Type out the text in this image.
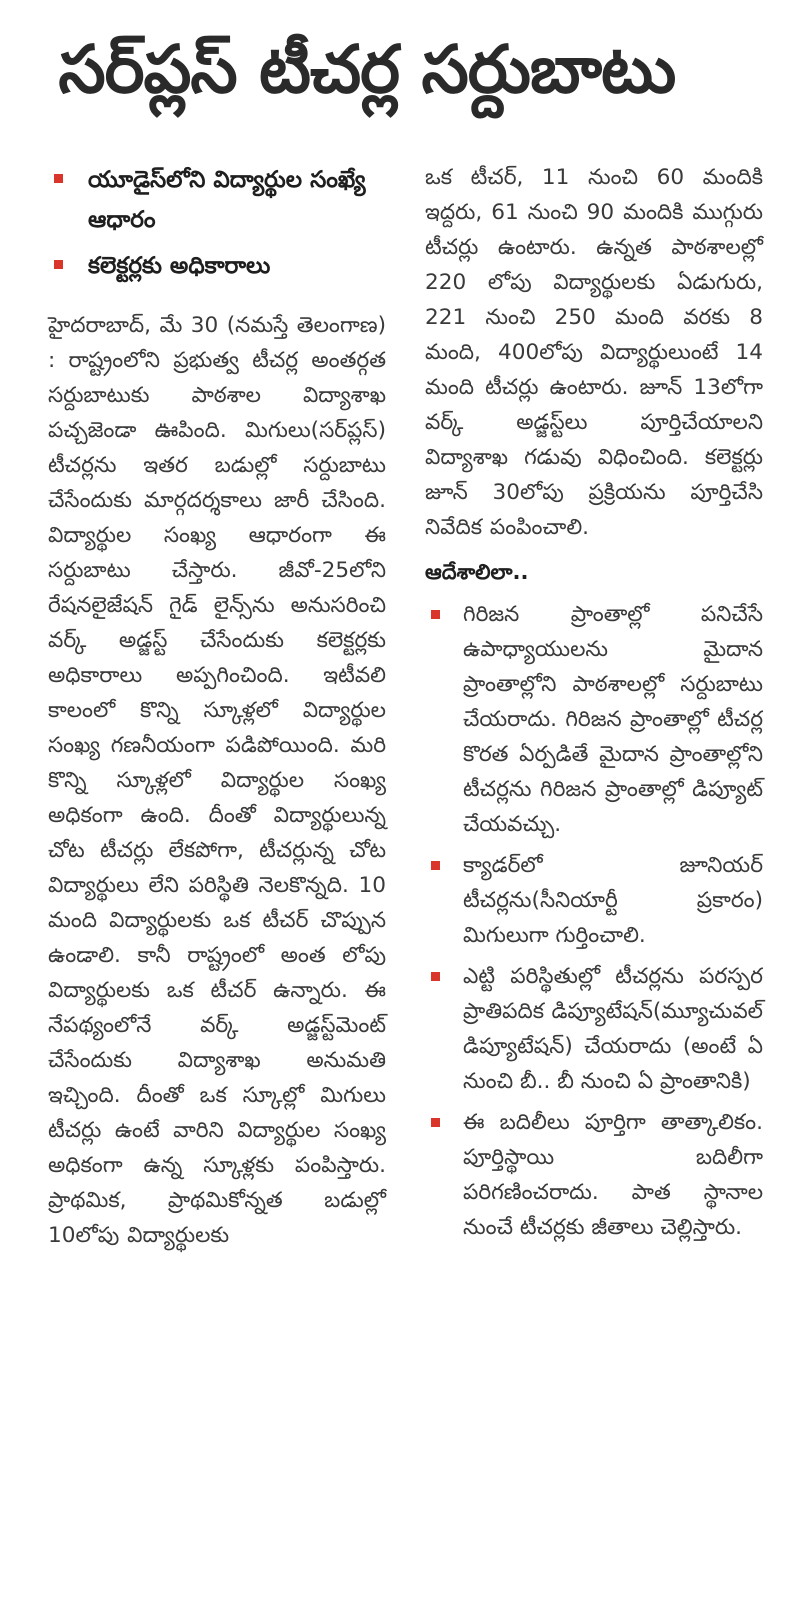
సర్‌ప్లస్ టీచర్ల సర్దుబాటు
యూడైస్‌లోని విద్యార్థుల సంఖ్యే ఆధారం
కలెక్టర్లకు అధికారాలు

హైదరాబాద్, మే 30 (నమస్తే తెలంగాణ) : రాష్ట్రంలోని ప్రభుత్వ టీచర్ల అంతర్గత సర్దుబాటుకు పాఠశాల విద్యాశాఖ పచ్చజెండా ఊపింది. మిగులు(సర్‌ప్లస్) టీచర్లను ఇతర బడుల్లో సర్దుబాటు చేసేందుకు మార్గదర్శకాలు జారీ చేసింది. విద్యార్థుల సంఖ్య ఆధారంగా ఈ సర్దుబాటు చేస్తారు. జీవో-25లోని రేషనలైజేషన్ గైడ్ లైన్స్‌ను అనుసరించి వర్క్ అడ్జస్ట్ చేసేందుకు కలెక్టర్లకు అధికారాలు అప్పగించింది. ఇటీవలి కాలంలో కొన్ని స్కూళ్లలో విద్యార్థుల సంఖ్య గణనీయంగా పడిపోయింది. మరి కొన్ని స్కూళ్లలో విద్యార్థుల సంఖ్య అధికంగా ఉంది. దీంతో విద్యార్థులున్న చోట టీచర్లు లేకపోగా, టీచర్లున్న చోట విద్యార్థులు లేని పరిస్థితి నెలకొన్నది. 10 మంది విద్యార్థులకు ఒక టీచర్ చొప్పున ఉండాలి. కానీ రాష్ట్రంలో అంత లోపు విద్యార్థులకు ఒక టీచర్ ఉన్నారు. ఈ నేపథ్యంలోనే వర్క్ అడ్జస్ట్‌మెంట్ చేసేందుకు విద్యాశాఖ అనుమతి ఇచ్చింది. దీంతో ఒక స్కూల్లో మిగులు టీచర్లు ఉంటే వారిని విద్యార్థుల సంఖ్య అధికంగా ఉన్న స్కూళ్లకు పంపిస్తారు. ప్రాథమిక, ప్రాథమికోన్నత బడుల్లో 10లోపు విద్యార్థులకు

ఒక టీచర్, 11 నుంచి 60 మందికి ఇద్దరు, 61 నుంచి 90 మందికి ముగ్గురు టీచర్లు ఉంటారు. ఉన్నత పాఠశాలల్లో 220 లోపు విద్యార్థులకు ఏడుగురు, 221 నుంచి 250 మంది వరకు 8 మంది, 400లోపు విద్యార్థులుంటే 14 మంది టీచర్లు ఉంటారు. జూన్ 13లోగా వర్క్ అడ్జస్ట్‌లు పూర్తిచేయాలని విద్యాశాఖ గడువు విధించింది. కలెక్టర్లు జూన్ 30లోపు ప్రక్రియను పూర్తిచేసి నివేదిక పంపించాలి.

ఆదేశాలిలా..
గిరిజన ప్రాంతాల్లో పనిచేసే ఉపాధ్యాయులను మైదాన ప్రాంతాల్లోని పాఠశాలల్లో సర్దుబాటు చేయరాదు. గిరిజన ప్రాంతాల్లో టీచర్ల కొరత ఏర్పడితే మైదాన ప్రాంతాల్లోని టీచర్లను గిరిజన ప్రాంతాల్లో డిప్యూట్ చేయవచ్చు.
క్యాడర్‌లో జూనియర్ టీచర్లను(సీనియార్టీ ప్రకారం) మిగులుగా గుర్తించాలి.
ఎట్టి పరిస్థితుల్లో టీచర్లను పరస్పర ప్రాతిపదిక డిప్యూటేషన్(మ్యూచువల్ డిప్యూటేషన్) చేయరాదు (అంటే ఏ నుంచి బీ.. బీ నుంచి ఏ ప్రాంతానికి)
ఈ బదిలీలు పూర్తిగా తాత్కాలికం. పూర్తిస్థాయి బదిలీగా పరిగణించరాదు. పాత స్థానాల నుంచే టీచర్లకు జీతాలు చెల్లిస్తారు.
